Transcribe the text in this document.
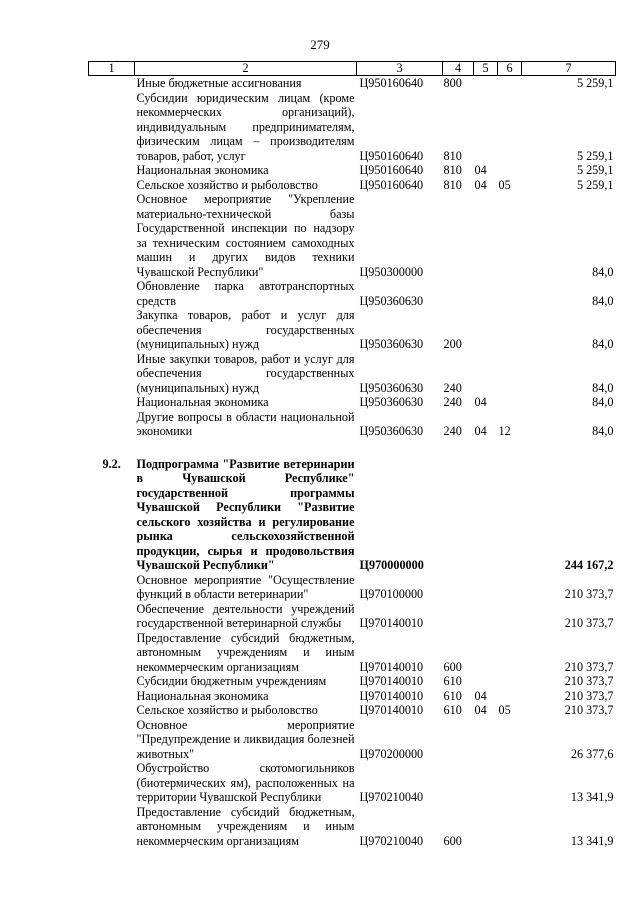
279
1	2	3	4	5	6	7
	Иные бюджетные ассигнования	Ц950160640	800			5 259,1
	Субсидии юридическим лицам (кроме некоммерческих организаций), индивидуальным предпринимателям, физическим лицам – производителям товаров, работ, услуг	Ц950160640	810			5 259,1
	Национальная экономика	Ц950160640	810	04		5 259,1
	Сельское хозяйство и рыболовство	Ц950160640	810	04	05	5 259,1
	Основное мероприятие "Укрепление материально-технической базы Государственной инспекции по надзору за техническим состоянием самоходных машин и других видов техники Чувашской Республики"	Ц950300000				84,0
	Обновление парка автотранспортных средств	Ц950360630				84,0
	Закупка товаров, работ и услуг для обеспечения государственных (муниципальных) нужд	Ц950360630	200			84,0
	Иные закупки товаров, работ и услуг для обеспечения государственных (муниципальных) нужд	Ц950360630	240			84,0
	Национальная экономика	Ц950360630	240	04		84,0
	Другие вопросы в области национальной экономики	Ц950360630	240	04	12	84,0

9.2.	Подпрограмма "Развитие ветеринарии в Чувашской Республике" государственной программы Чувашской Республики "Развитие сельского хозяйства и регулирование рынка сельскохозяйственной продукции, сырья и продовольствия Чувашской Республики"	Ц970000000				244 167,2
	Основное мероприятие "Осуществление функций в области ветеринарии"	Ц970100000				210 373,7
	Обеспечение деятельности учреждений государственной ветеринарной службы	Ц970140010				210 373,7
	Предоставление субсидий бюджетным, автономным учреждениям и иным некоммерческим организациям	Ц970140010	600			210 373,7
	Субсидии бюджетным учреждениям	Ц970140010	610			210 373,7
	Национальная экономика	Ц970140010	610	04		210 373,7
	Сельское хозяйство и рыболовство	Ц970140010	610	04	05	210 373,7
	Основное мероприятие "Предупреждение и ликвидация болезней животных"	Ц970200000				26 377,6
	Обустройство скотомогильников (биотермических ям), расположенных на территории Чувашской Республики	Ц970210040				13 341,9
	Предоставление субсидий бюджетным, автономным учреждениям и иным некоммерческим организациям	Ц970210040	600			13 341,9
